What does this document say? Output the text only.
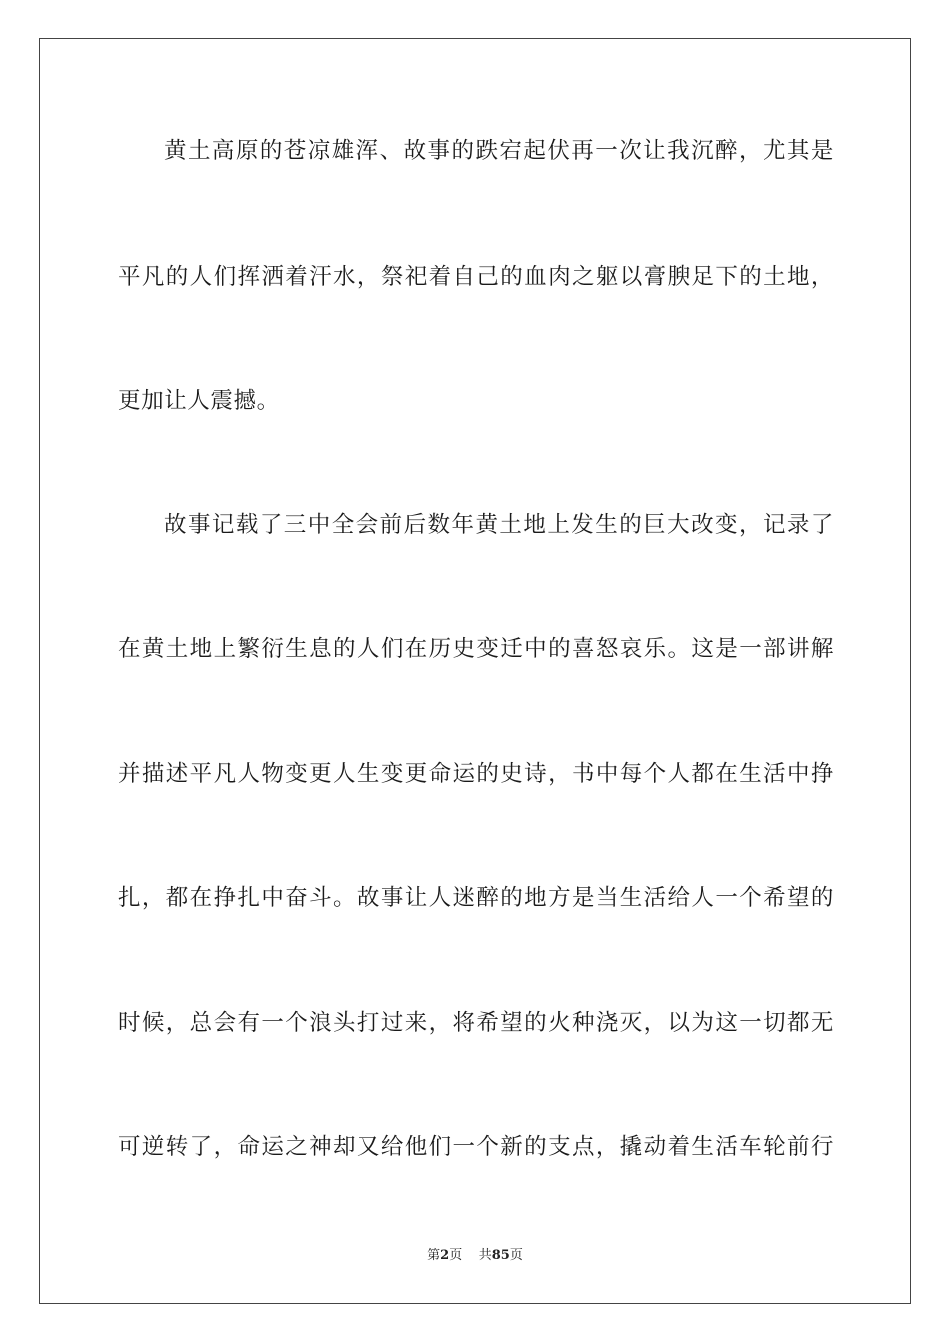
黄土高原的苍凉雄浑、故事的跌宕起伏再一次让我沉醉，尤其是
平凡的人们挥洒着汗水，祭祀着自己的血肉之躯以膏腴足下的土地，
更加让人震撼。
故事记载了三中全会前后数年黄土地上发生的巨大改变，记录了
在黄土地上繁衍生息的人们在历史变迁中的喜怒哀乐。这是一部讲解
并描述平凡人物变更人生变更命运的史诗，书中每个人都在生活中挣
扎，都在挣扎中奋斗。故事让人迷醉的地方是当生活给人一个希望的
时候，总会有一个浪头打过来，将希望的火种浇灭，以为这一切都无
可逆转了，命运之神却又给他们一个新的支点，撬动着生活车轮前行
第2页 共85页
